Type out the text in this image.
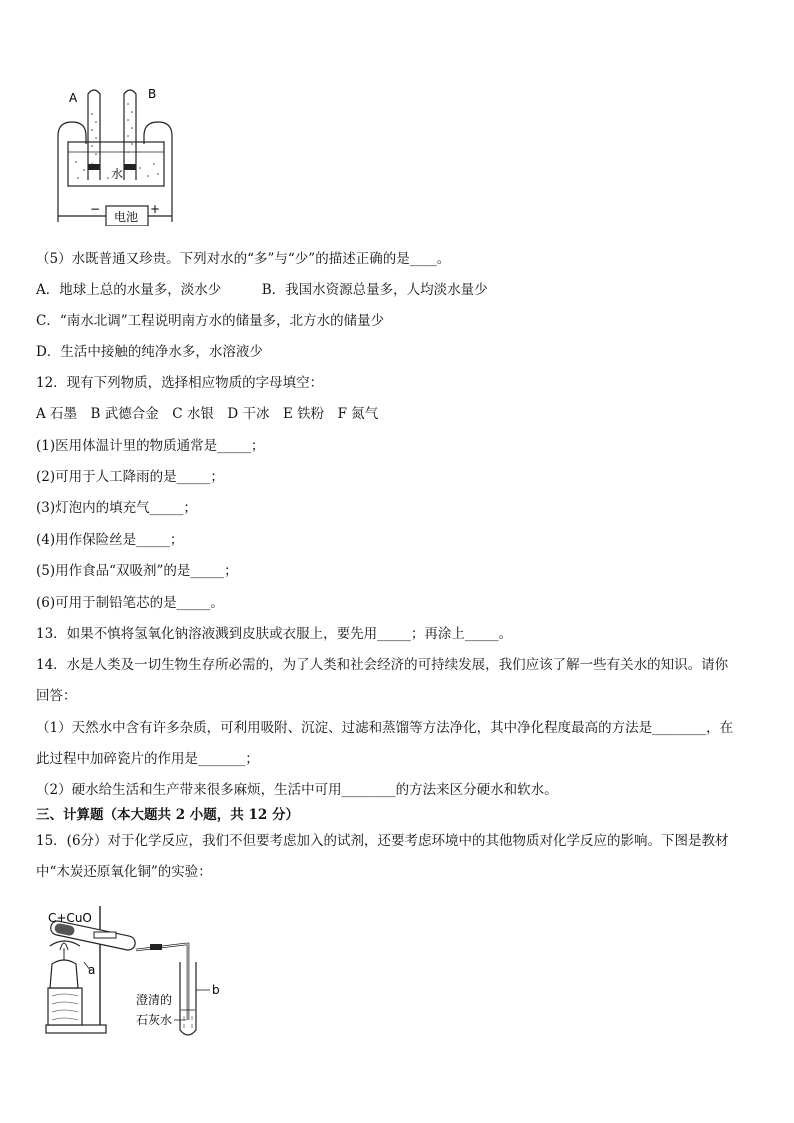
A	B
水
电池
−	+
（5）水既普通又珍贵。下列对水的“多”与“少”的描述正确的是____。
A．地球上总的水量多，淡水少　　　B．我国水资源总量多，人均淡水量少
C．“南水北调”工程说明南方水的储量多，北方水的储量少
D．生活中接触的纯净水多，水溶液少
12．现有下列物质，选择相应物质的字母填空：
A 石墨　B 武德合金　C 水银　D 干冰　E 铁粉　F 氮气
(1)医用体温计里的物质通常是_____；
(2)可用于人工降雨的是_____；
(3)灯泡内的填充气_____；
(4)用作保险丝是_____；
(5)用作食品“双吸剂”的是_____；
(6)可用于制铅笔芯的是_____。
13．如果不慎将氢氧化钠溶液溅到皮肤或衣服上，要先用_____；再涂上_____。
14．水是人类及一切生物生存所必需的，为了人类和社会经济的可持续发展，我们应该了解一些有关水的知识。请你
回答：
（1）天然水中含有许多杂质，可利用吸附、沉淀、过滤和蒸馏等方法净化，其中净化程度最高的方法是________，在
此过程中加碎瓷片的作用是_______；
（2）硬水给生活和生产带来很多麻烦，生活中可用________的方法来区分硬水和软水。
三、计算题（本大题共 2 小题，共 12 分）
15．(6分）对于化学反应，我们不但要考虑加入的试剂，还要考虑环境中的其他物质对化学反应的影响。下图是教材
中“木炭还原氧化铜”的实验：
C+CuO
a
b
澄清的
石灰水
